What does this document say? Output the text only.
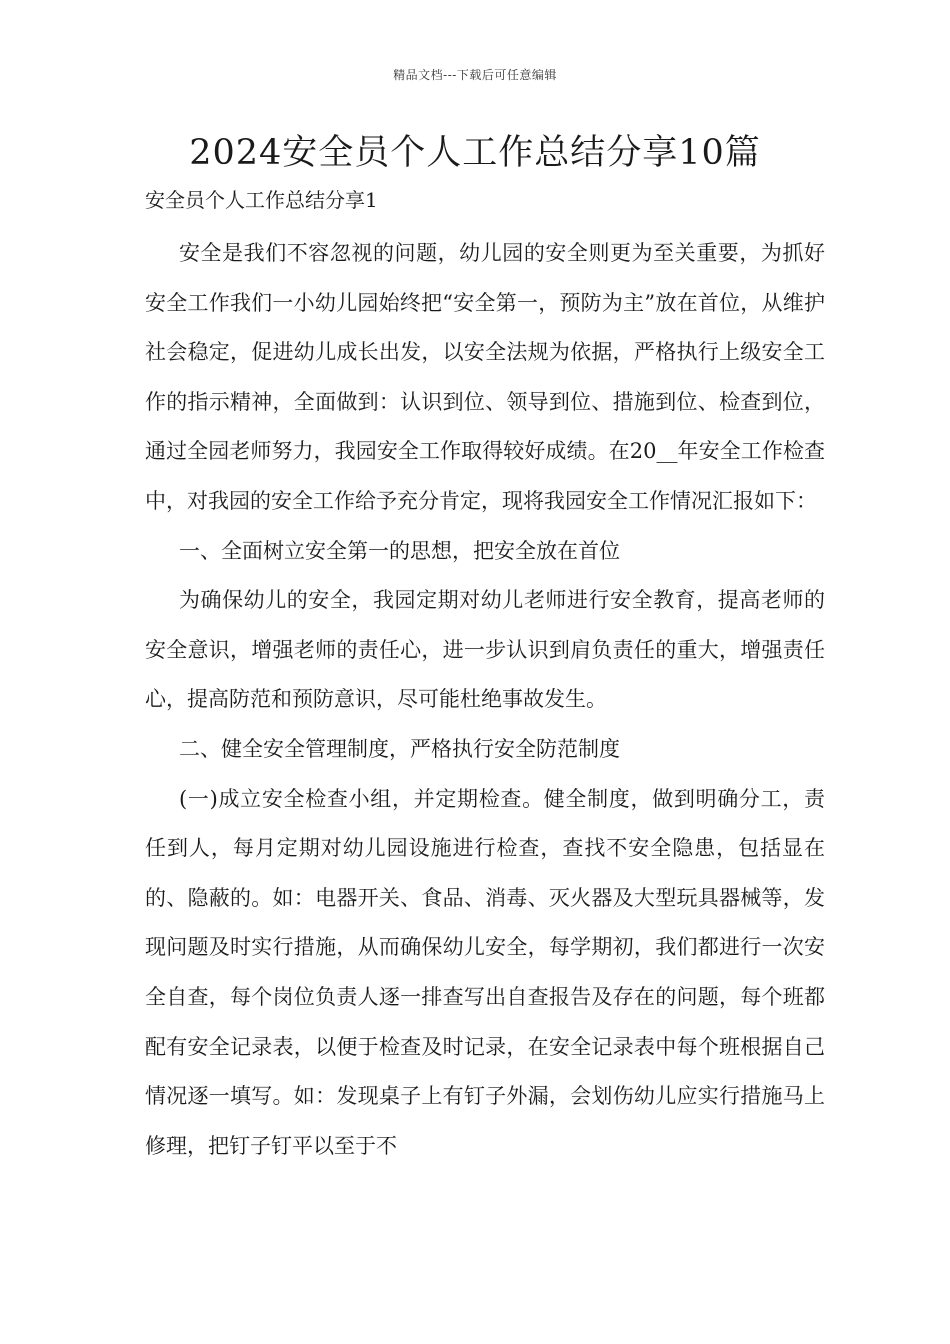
精品文档---下载后可任意编辑
2024安全员个人工作总结分享10篇

安全员个人工作总结分享1

安全是我们不容忽视的问题，幼儿园的安全则更为至关重要，为抓好安全工作我们一小幼儿园始终把“安全第一，预防为主”放在首位，从维护社会稳定，促进幼儿成长出发，以安全法规为依据，严格执行上级安全工作的指示精神，全面做到：认识到位、领导到位、措施到位、检查到位，通过全园老师努力，我园安全工作取得较好成绩。在20__年安全工作检查中，对我园的安全工作给予充分肯定，现将我园安全工作情况汇报如下：

一、全面树立安全第一的思想，把安全放在首位

为确保幼儿的安全，我园定期对幼儿老师进行安全教育，提高老师的安全意识，增强老师的责任心，进一步认识到肩负责任的重大，增强责任心，提高防范和预防意识，尽可能杜绝事故发生。

二、健全安全管理制度，严格执行安全防范制度

(一)成立安全检查小组，并定期检查。健全制度，做到明确分工，责任到人，每月定期对幼儿园设施进行检查，查找不安全隐患，包括显在的、隐蔽的。如：电器开关、食品、消毒、灭火器及大型玩具器械等，发现问题及时实行措施，从而确保幼儿安全，每学期初，我们都进行一次安全自查，每个岗位负责人逐一排查写出自查报告及存在的问题，每个班都配有安全记录表，以便于检查及时记录，在安全记录表中每个班根据自己情况逐一填写。如：发现桌子上有钉子外漏，会划伤幼儿应实行措施马上修理，把钉子钉平以至于不
